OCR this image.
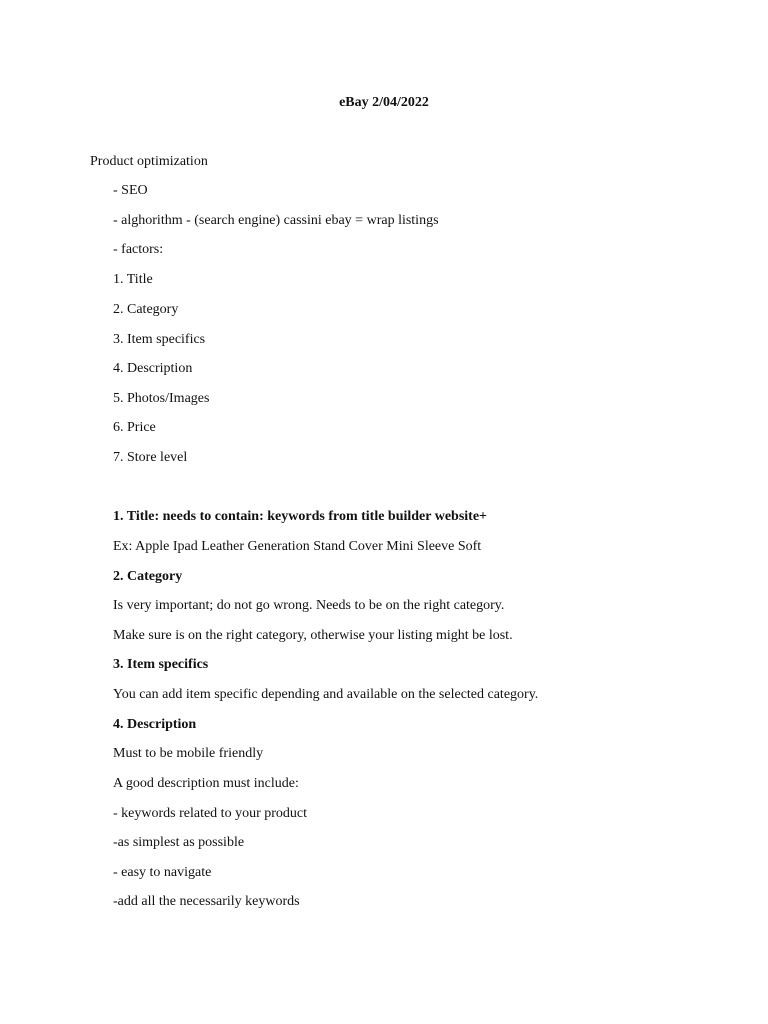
eBay 2/04/2022
Product optimization
- SEO
- alghorithm - (search engine) cassini ebay = wrap listings
- factors:
1. Title
2. Category
3. Item specifics
4. Description
5. Photos/Images
6. Price
7. Store level
1. Title: needs to contain: keywords from title builder website+
Ex: Apple Ipad Leather Generation Stand Cover Mini Sleeve Soft
2. Category
Is very important; do not go wrong. Needs to be on the right category.
Make sure is on the right category, otherwise your listing might be lost.
3. Item specifics
You can add item specific depending and available on the selected category.
4. Description
Must to be mobile friendly
A good description must include:
- keywords related to your product
-as simplest as possible
- easy to navigate
-add all the necessarily keywords
